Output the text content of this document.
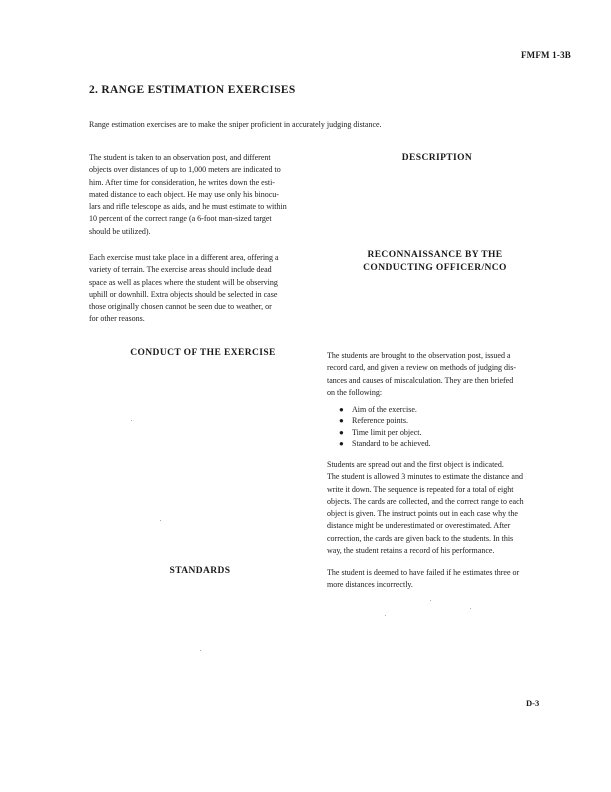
FMFM 1-3B
2. RANGE ESTIMATION EXERCISES
Range estimation exercises are to make the sniper proficient in accurately judging distance.
The student is taken to an observation post, and different
objects over distances of up to 1,000 meters are indicated to
him. After time for consideration, he writes down the esti-
mated distance to each object. He may use only his binocu-
lars and rifle telescope as aids, and he must estimate to within
10 percent of the correct range (a 6-foot man-sized target
should be utilized).
DESCRIPTION
Each exercise must take place in a different area, offering a
variety of terrain. The exercise areas should include dead
space as well as places where the student will be observing
uphill or downhill. Extra objects should be selected in case
those originally chosen cannot be seen due to weather, or
for other reasons.
RECONNAISSANCE BY THE
CONDUCTING OFFICER/NCO
CONDUCT OF THE EXERCISE	The students are brought to the observation post, issued a
record card, and given a review on methods of judging dis-
tances and causes of miscalculation. They are then briefed
on the following:
● Aim of the exercise.
● Reference points.
● Time limit per object.
● Standard to be achieved.
Students are spread out and the first object is indicated.
The student is allowed 3 minutes to estimate the distance and
write it down. The sequence is repeated for a total of eight
objects. The cards are collected, and the correct range to each
object is given. The instruct points out in each case why the
distance might be underestimated or overestimated. After
correction, the cards are given back to the students. In this
way, the student retains a record of his performance.
STANDARDS	The student is deemed to have failed if he estimates three or
more distances incorrectly.
D-3
